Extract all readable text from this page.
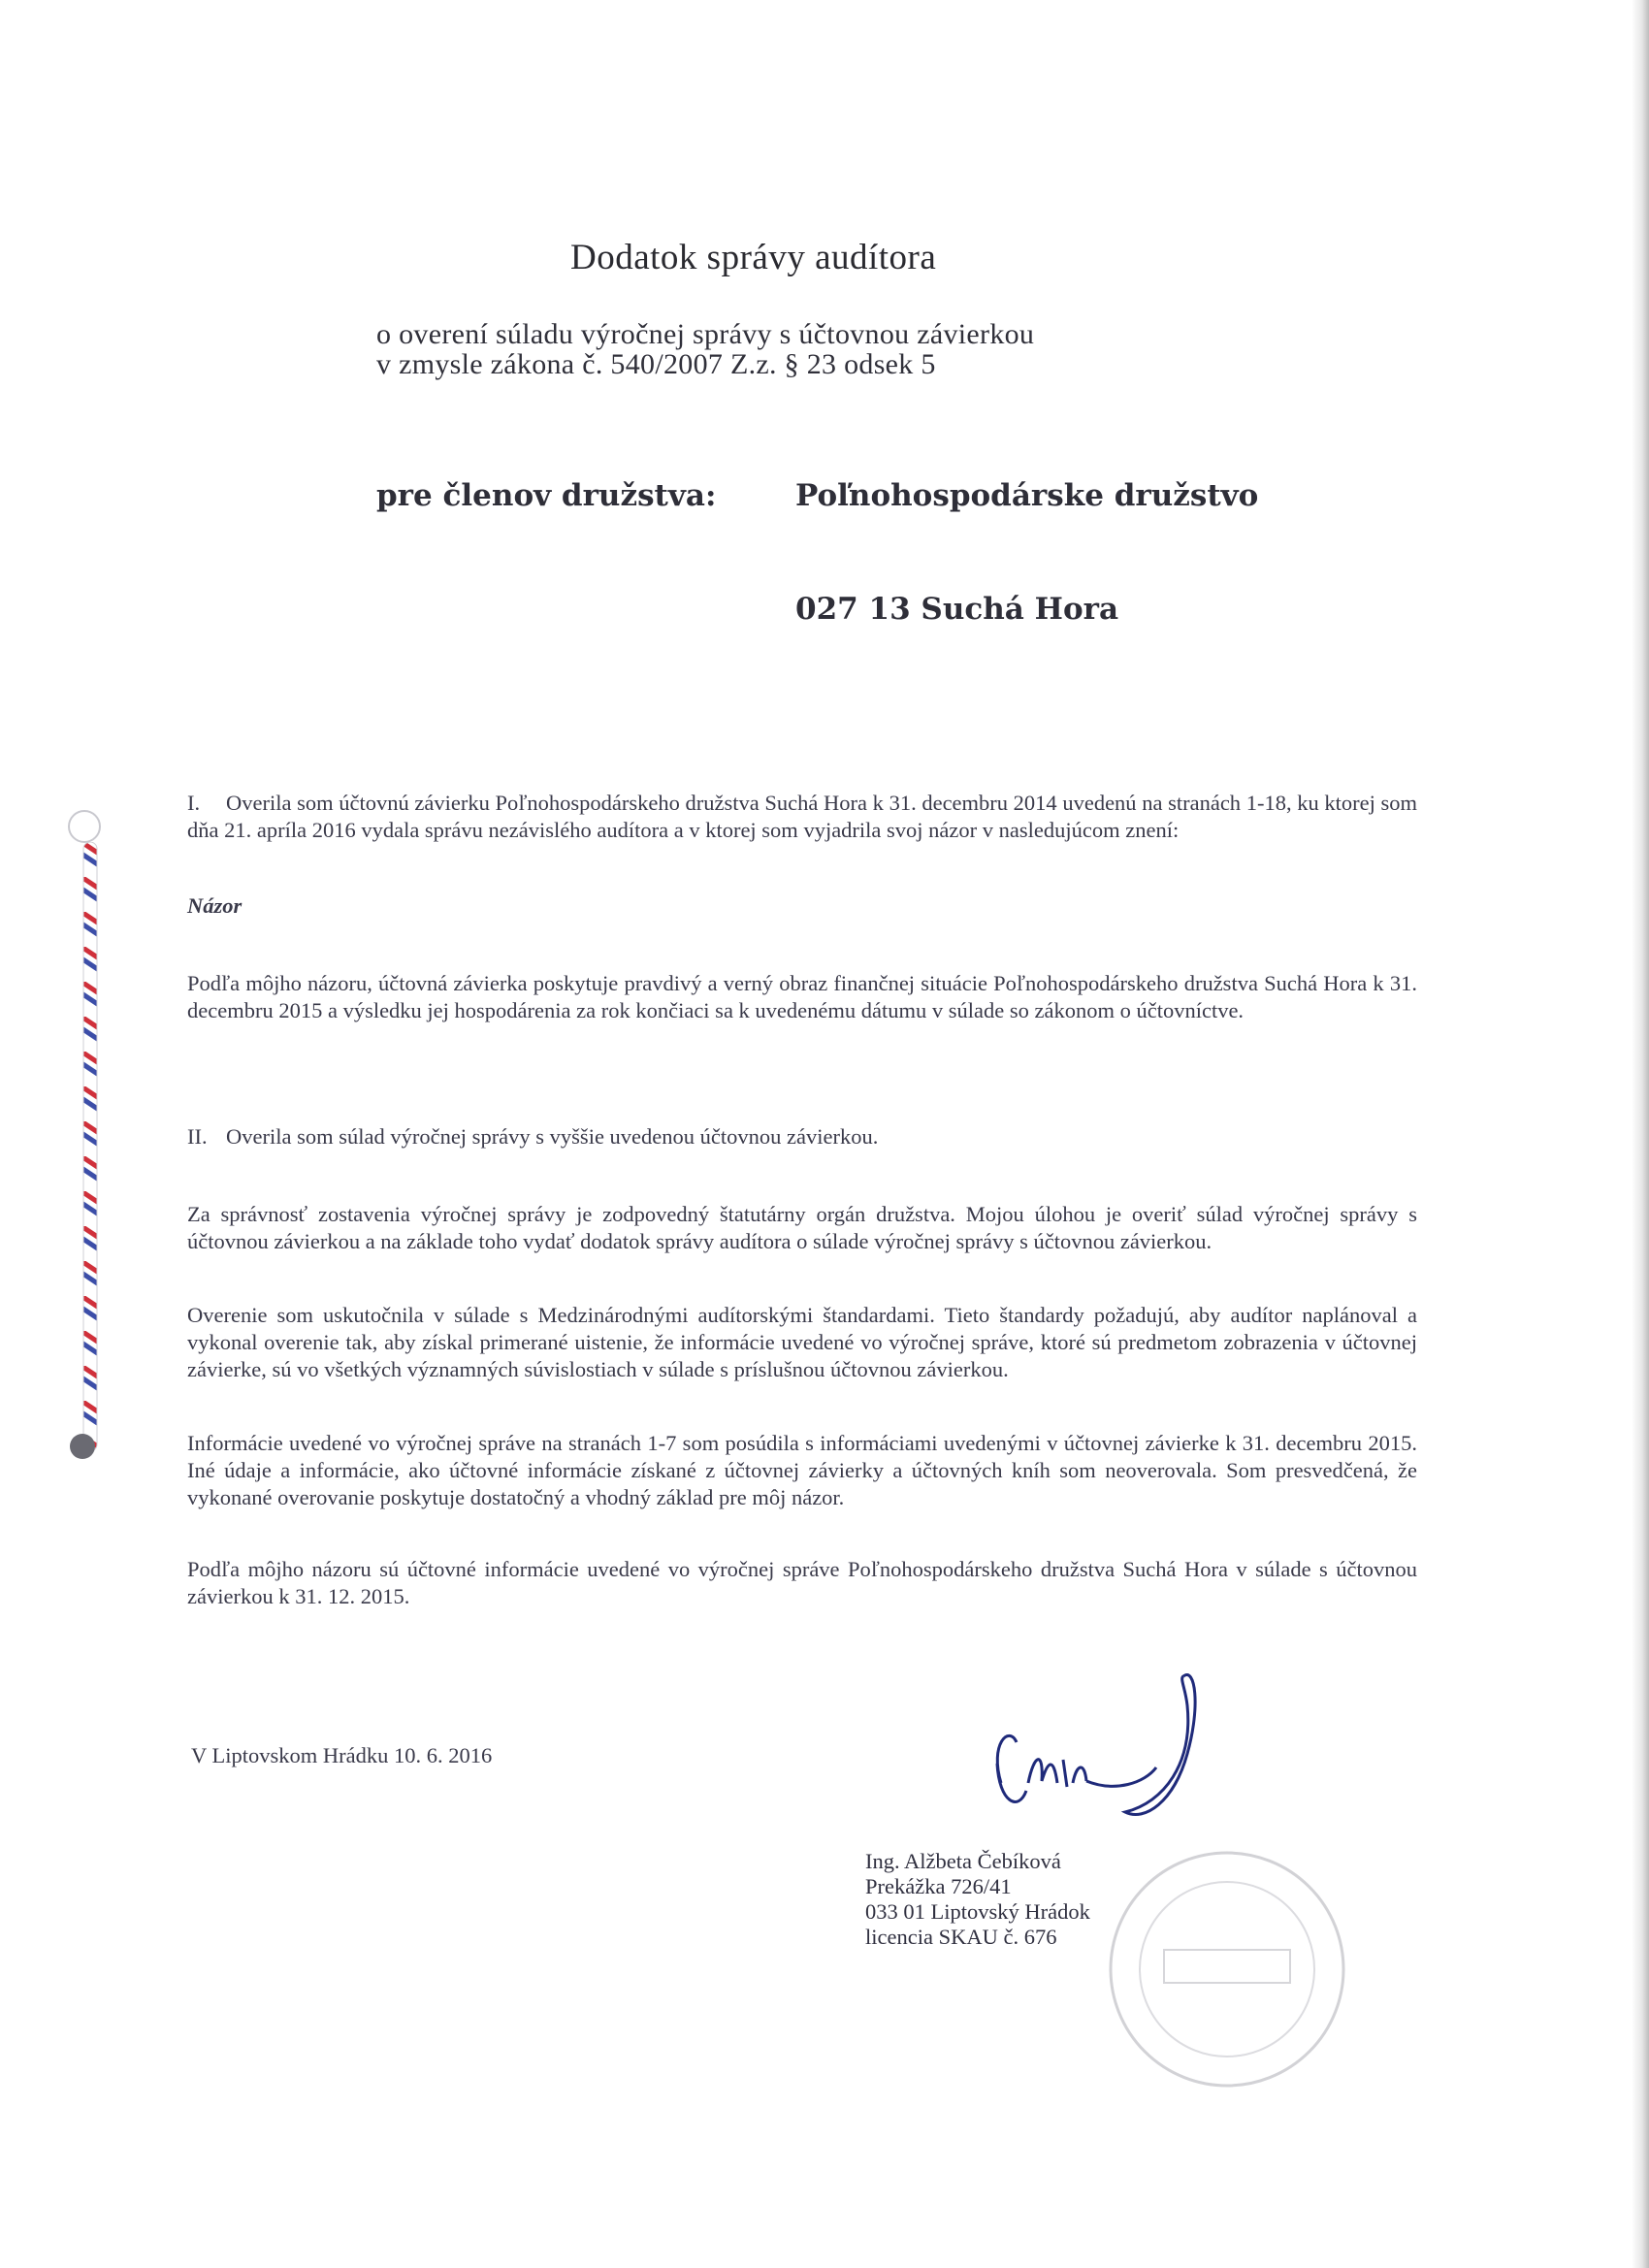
Dodatok správy audítora
o overení súladu výročnej správy s účtovnou závierkou
v zmysle zákona č. 540/2007 Z.z. § 23 odsek 5
pre členov družstva:	Poľnohospodárske družstvo
027 13 Suchá Hora
I. Overila som účtovnú závierku Poľnohospodárskeho družstva Suchá Hora k 31. decembru 2014 uvedenú na stranách 1-18, ku ktorej som dňa 21. apríla 2016 vydala správu nezávislého audítora a v ktorej som vyjadrila svoj názor v nasledujúcom znení:
Názor
Podľa môjho názoru, účtovná závierka poskytuje pravdivý a verný obraz finančnej situácie Poľnohospodárskeho družstva Suchá Hora k 31. decembru 2015 a výsledku jej hospodárenia za rok končiaci sa k uvedenému dátumu v súlade so zákonom o účtovníctve.
II. Overila som súlad výročnej správy s vyššie uvedenou účtovnou závierkou.
Za správnosť zostavenia výročnej správy je zodpovedný štatutárny orgán družstva. Mojou úlohou je overiť súlad výročnej správy s účtovnou závierkou a na základe toho vydať dodatok správy audítora o súlade výročnej správy s účtovnou závierkou.
Overenie som uskutočnila v súlade s Medzinárodnými audítorskými štandardami. Tieto štandardy požadujú, aby audítor naplánoval a vykonal overenie tak, aby získal primerané uistenie, že informácie uvedené vo výročnej správe, ktoré sú predmetom zobrazenia v účtovnej závierke, sú vo všetkých významných súvislostiach v súlade s príslušnou účtovnou závierkou.
Informácie uvedené vo výročnej správe na stranách 1-7 som posúdila s informáciami uvedenými v účtovnej závierke k 31. decembru 2015. Iné údaje a informácie, ako účtovné informácie získané z účtovnej závierky a účtovných kníh som neoverovala. Som presvedčená, že vykonané overovanie poskytuje dostatočný a vhodný základ pre môj názor.
Podľa môjho názoru sú účtovné informácie uvedené vo výročnej správe Poľnohospodárskeho družstva Suchá Hora v súlade s účtovnou závierkou k 31. 12. 2015.
V Liptovskom Hrádku 10. 6. 2016
Ing. Alžbeta Čebíková
Prekážka 726/41
033 01 Liptovský Hrádok
licencia SKAU č. 676
